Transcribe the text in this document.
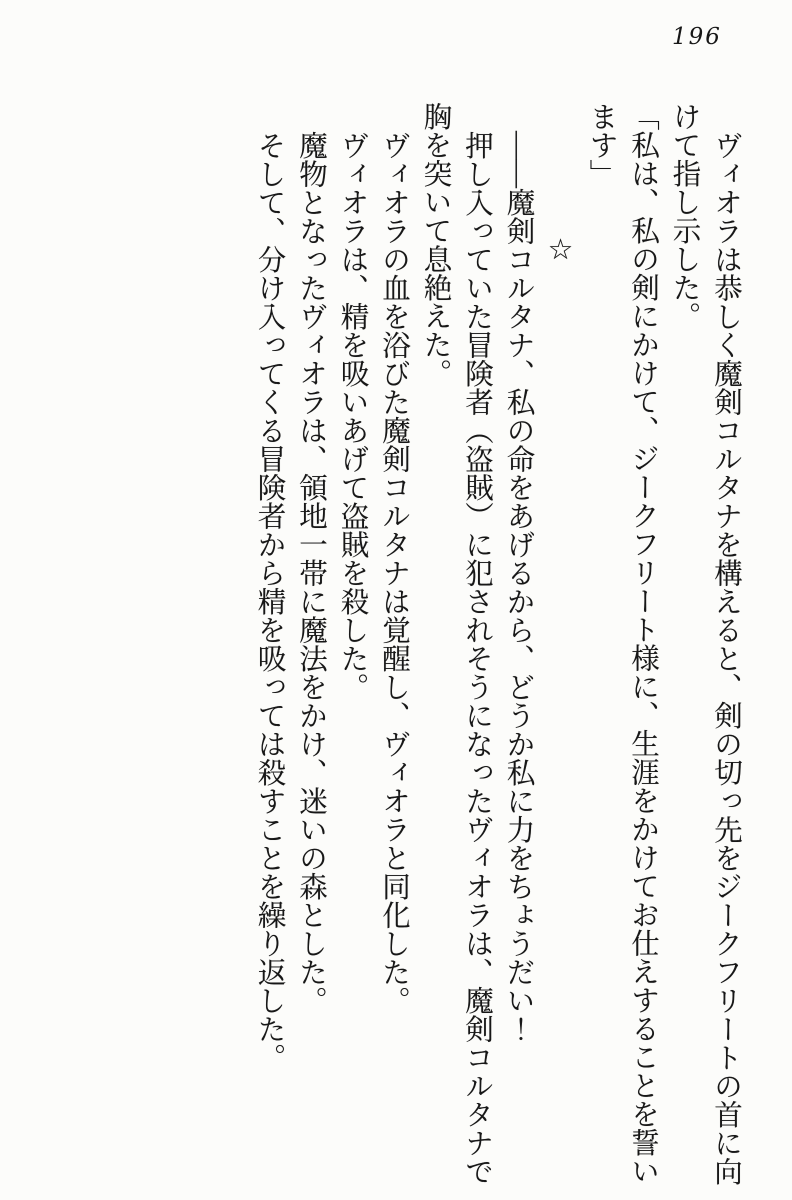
196

ヴィオラは恭しく魔剣コルタナを構えると、剣の切っ先をジークフリートの首に向けて指し示した。

「私は、私の剣にかけて、ジークフリート様に、生涯をかけてお仕えすることを誓います」

☆

――魔剣コルタナ、私の命をあげるから、どうか私に力をちょうだい！

押し入っていた冒険者（盗賊）に犯されそうになったヴィオラは、魔剣コルタナで胸を突いて息絶えた。

ヴィオラの血を浴びた魔剣コルタナは覚醒し、ヴィオラと同化した。

ヴィオラは、精を吸いあげて盗賊を殺した。

魔物となったヴィオラは、領地一帯に魔法をかけ、迷いの森とした。

そして、分け入ってくる冒険者から精を吸っては殺すことを繰り返した。
